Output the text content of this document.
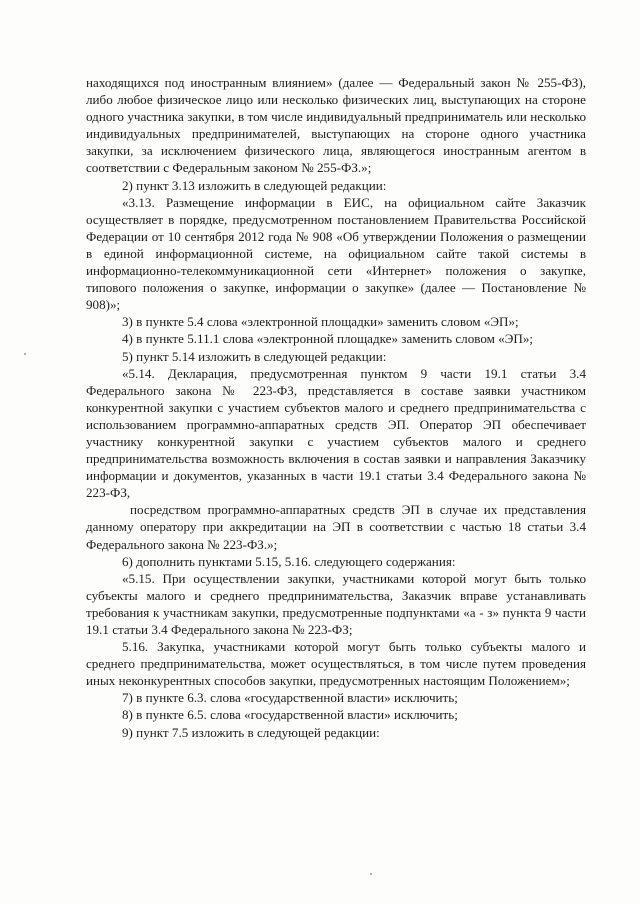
находящихся под иностранным влиянием» (далее — Федеральный закон № 255-ФЗ), либо любое физическое лицо или несколько физических лиц, выступающих на стороне одного участника закупки, в том числе индивидуальный предприниматель или несколько индивидуальных предпринимателей, выступающих на стороне одного участника закупки, за исключением физического лица, являющегося иностранным агентом в соответствии с Федеральным законом № 255-ФЗ.»;

2) пункт 3.13 изложить в следующей редакции:

«3.13. Размещение информации в ЕИС, на официальном сайте Заказчик осуществляет в порядке, предусмотренном постановлением Правительства Российской Федерации от 10 сентября 2012 года № 908 «Об утверждении Положения о размещении в единой информационной системе, на официальном сайте такой системы в информационно-телекоммуникационной сети «Интернет» положения о закупке, типового положения о закупке, информации о закупке» (далее — Постановление № 908)»;

3) в пункте 5.4 слова «электронной площадки» заменить словом «ЭП»;

4) в пункте 5.11.1 слова «электронной площадке» заменить словом «ЭП»;

5) пункт 5.14 изложить в следующей редакции:

«5.14. Декларация, предусмотренная пунктом 9 части 19.1 статьи 3.4 Федерального закона № 223-ФЗ, представляется в составе заявки участником конкурентной закупки с участием субъектов малого и среднего предпринимательства с использованием программно-аппаратных средств ЭП. Оператор ЭП обеспечивает участнику конкурентной закупки с участием субъектов малого и среднего предпринимательства возможность включения в состав заявки и направления Заказчику информации и документов, указанных в части 19.1 статьи 3.4 Федерального закона № 223-ФЗ,

посредством программно-аппаратных средств ЭП в случае их представления данному оператору при аккредитации на ЭП в соответствии с частью 18 статьи 3.4 Федерального закона № 223-ФЗ.»;

6) дополнить пунктами 5.15, 5.16. следующего содержания:

«5.15. При осуществлении закупки, участниками которой могут быть только субъекты малого и среднего предпринимательства, Заказчик вправе устанавливать требования к участникам закупки, предусмотренные подпунктами «а - з» пункта 9 части 19.1 статьи 3.4 Федерального закона № 223-ФЗ;

5.16. Закупка, участниками которой могут быть только субъекты малого и среднего предпринимательства, может осуществляться, в том числе путем проведения иных неконкурентных способов закупки, предусмотренных настоящим Положением»;

7) в пункте 6.3. слова «государственной власти» исключить;

8) в пункте 6.5. слова «государственной власти» исключить;

9) пункт 7.5 изложить в следующей редакции:
